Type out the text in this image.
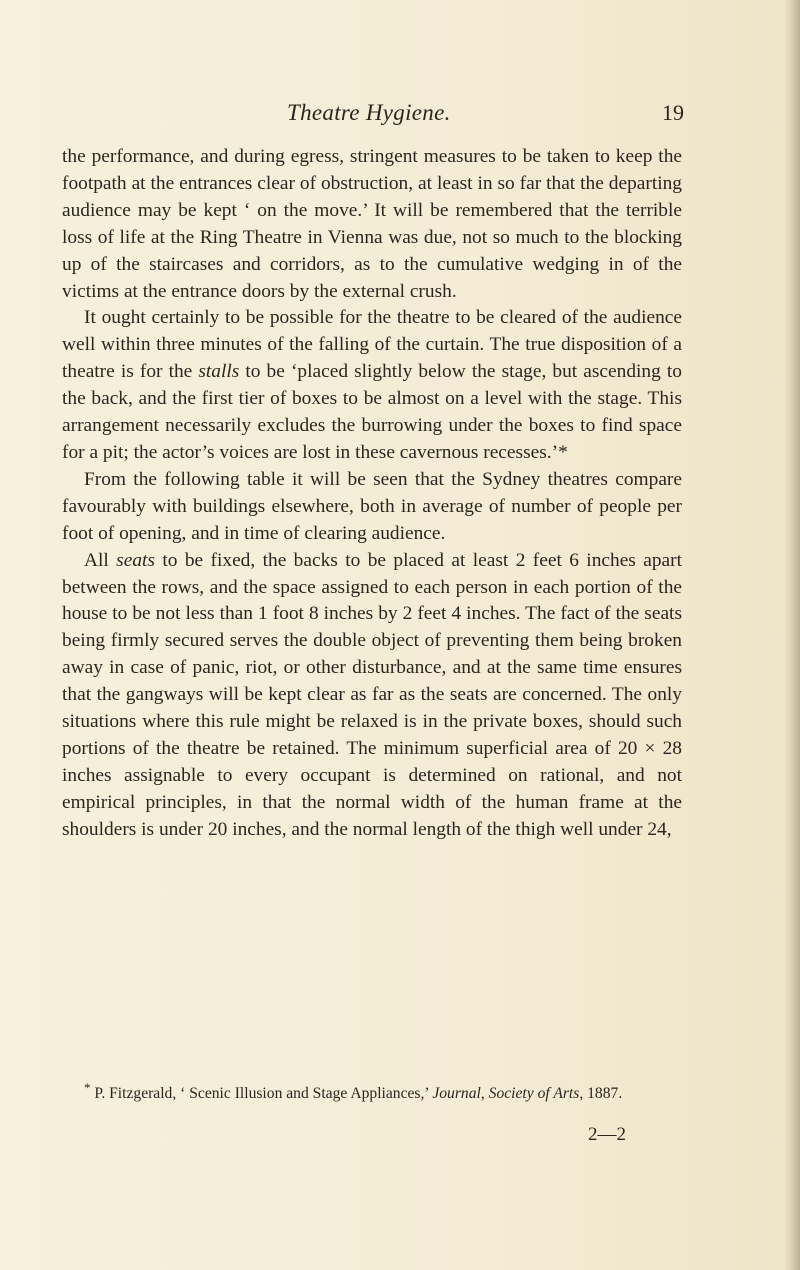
Theatre Hygiene.	19

the performance, and during egress, stringent measures to be taken to keep the footpath at the entrances clear of obstruction, at least in so far that the departing audience may be kept ‘ on the move.’ It will be remembered that the terrible loss of life at the Ring Theatre in Vienna was due, not so much to the blocking up of the staircases and corridors, as to the cumulative wedging in of the victims at the entrance doors by the external crush.

It ought certainly to be possible for the theatre to be cleared of the audience well within three minutes of the falling of the curtain. The true disposition of a theatre is for the stalls to be ‘placed slightly below the stage, but ascending to the back, and the first tier of boxes to be almost on a level with the stage. This arrangement necessarily excludes the burrowing under the boxes to find space for a pit; the actor’s voices are lost in these cavernous recesses.’*

From the following table it will be seen that the Sydney theatres compare favourably with buildings elsewhere, both in average of number of people per foot of opening, and in time of clearing audience.

All seats to be fixed, the backs to be placed at least 2 feet 6 inches apart between the rows, and the space assigned to each person in each portion of the house to be not less than 1 foot 8 inches by 2 feet 4 inches. The fact of the seats being firmly secured serves the double object of preventing them being broken away in case of panic, riot, or other disturbance, and at the same time ensures that the gangways will be kept clear as far as the seats are concerned. The only situations where this rule might be relaxed is in the private boxes, should such portions of the theatre be retained. The minimum superficial area of 20 × 28 inches assignable to every occupant is determined on rational, and not empirical principles, in that the normal width of the human frame at the shoulders is under 20 inches, and the normal length of the thigh well under 24,

* P. Fitzgerald, ‘ Scenic Illusion and Stage Appliances,’ Journal, Society of Arts, 1887.

2—2
